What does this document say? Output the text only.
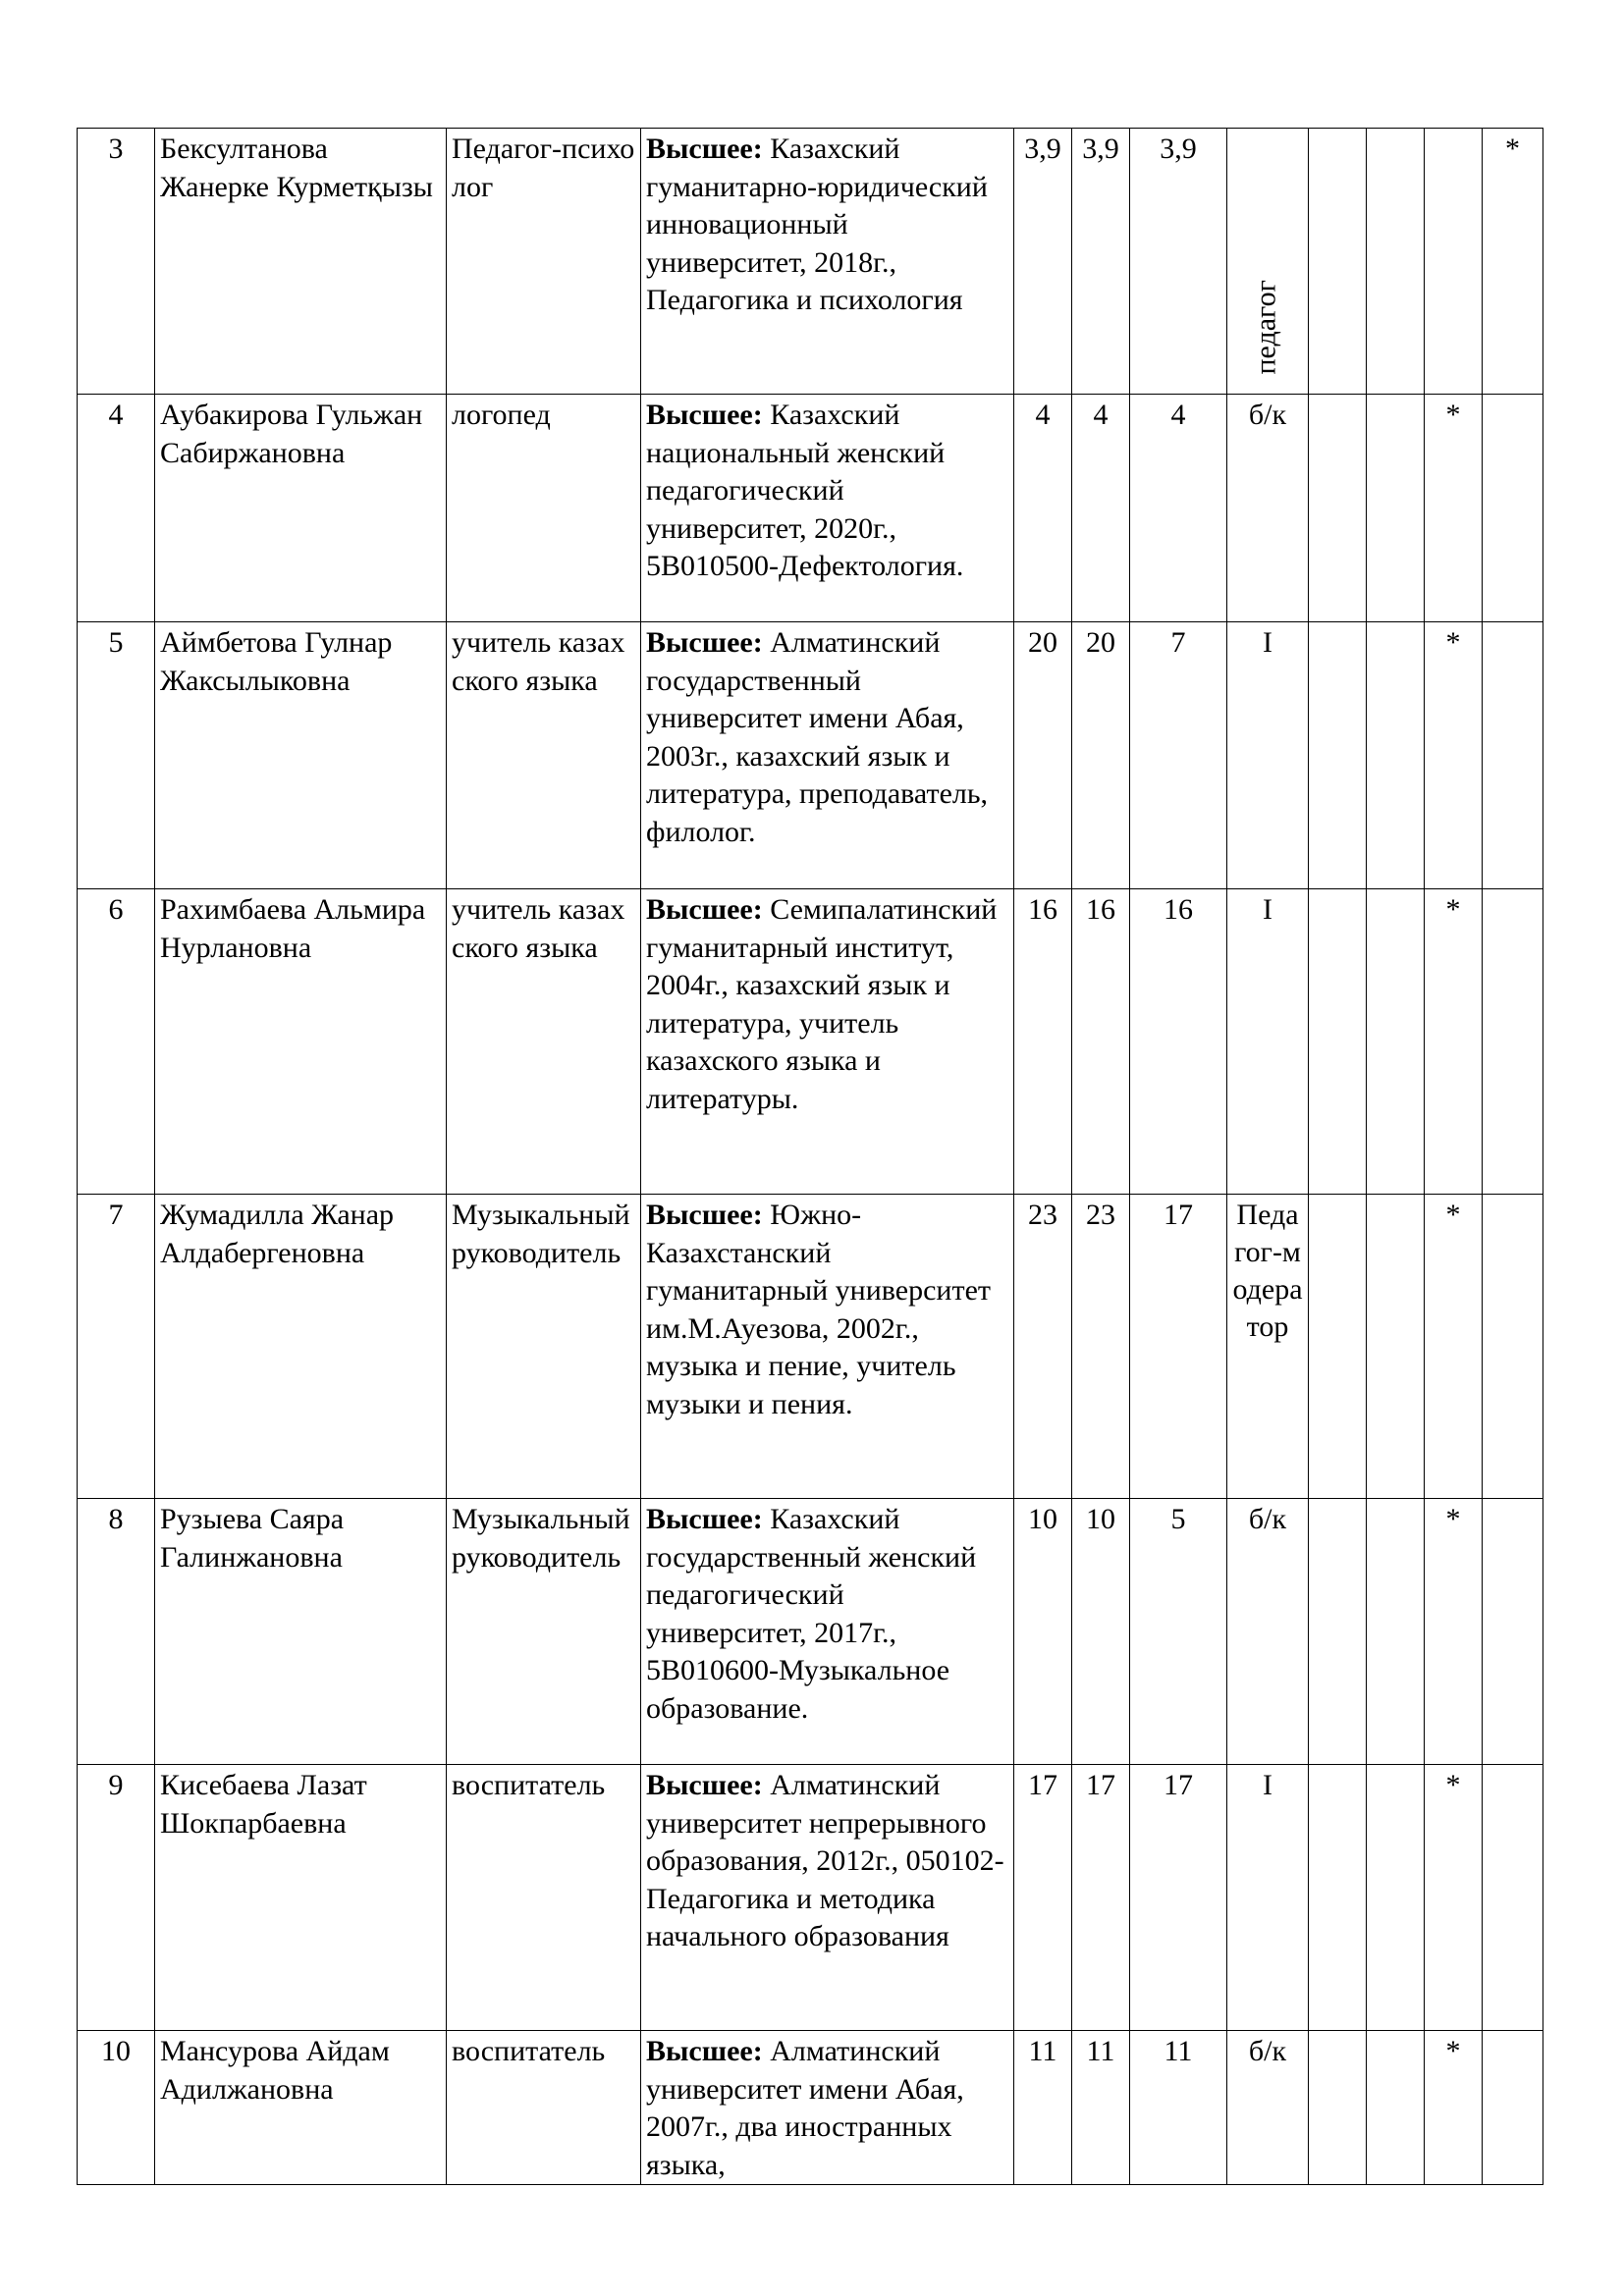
3	Бексултанова Жанерке Курметқызы	Педагог-психолог	Высшее: Казахский гуманитарно-юридический инновационный университет, 2018г., Педагогика и психология	3,9	3,9	3,9	педагог				*
4	Аубакирова Гульжан Сабиржановна	логопед	Высшее: Казахский национальный женский педагогический университет, 2020г., 5В010500-Дефектология.	4	4	4	б/к			*	
5	Аймбетова Гулнар Жаксылыковна	учитель казахского языка	Высшее: Алматинский государственный университет имени Абая, 2003г., казахский язык и литература, преподаватель, филолог.	20	20	7	I			*	
6	Рахимбаева Альмира Нурлановна	учитель казахского языка	Высшее: Семипалатинский гуманитарный институт, 2004г., казахский язык и литература, учитель казахского языка и литературы.	16	16	16	I			*	
7	Жумадилла Жанар Алдабергеновна	Музыкальный руководитель	Высшее: Южно-Казахстанский гуманитарный университет им.М.Ауезова, 2002г., музыка и пение, учитель музыки и пения.	23	23	17	Педагог-модератор			*	
8	Рузыева Саяра Галинжановна	Музыкальный руководитель	Высшее: Казахский государственный женский педагогический университет, 2017г., 5В010600-Музыкальное образование.	10	10	5	б/к			*	
9	Кисебаева Лазат Шокпарбаевна	воспитатель	Высшее: Алматинский университет непрерывного образования, 2012г., 050102-Педагогика и методика начального образования	17	17	17	I			*	
10	Мансурова Айдам Адилжановна	воспитатель	Высшее: Алматинский университет имени Абая, 2007г., два иностранных языка,	11	11	11	б/к			*	
